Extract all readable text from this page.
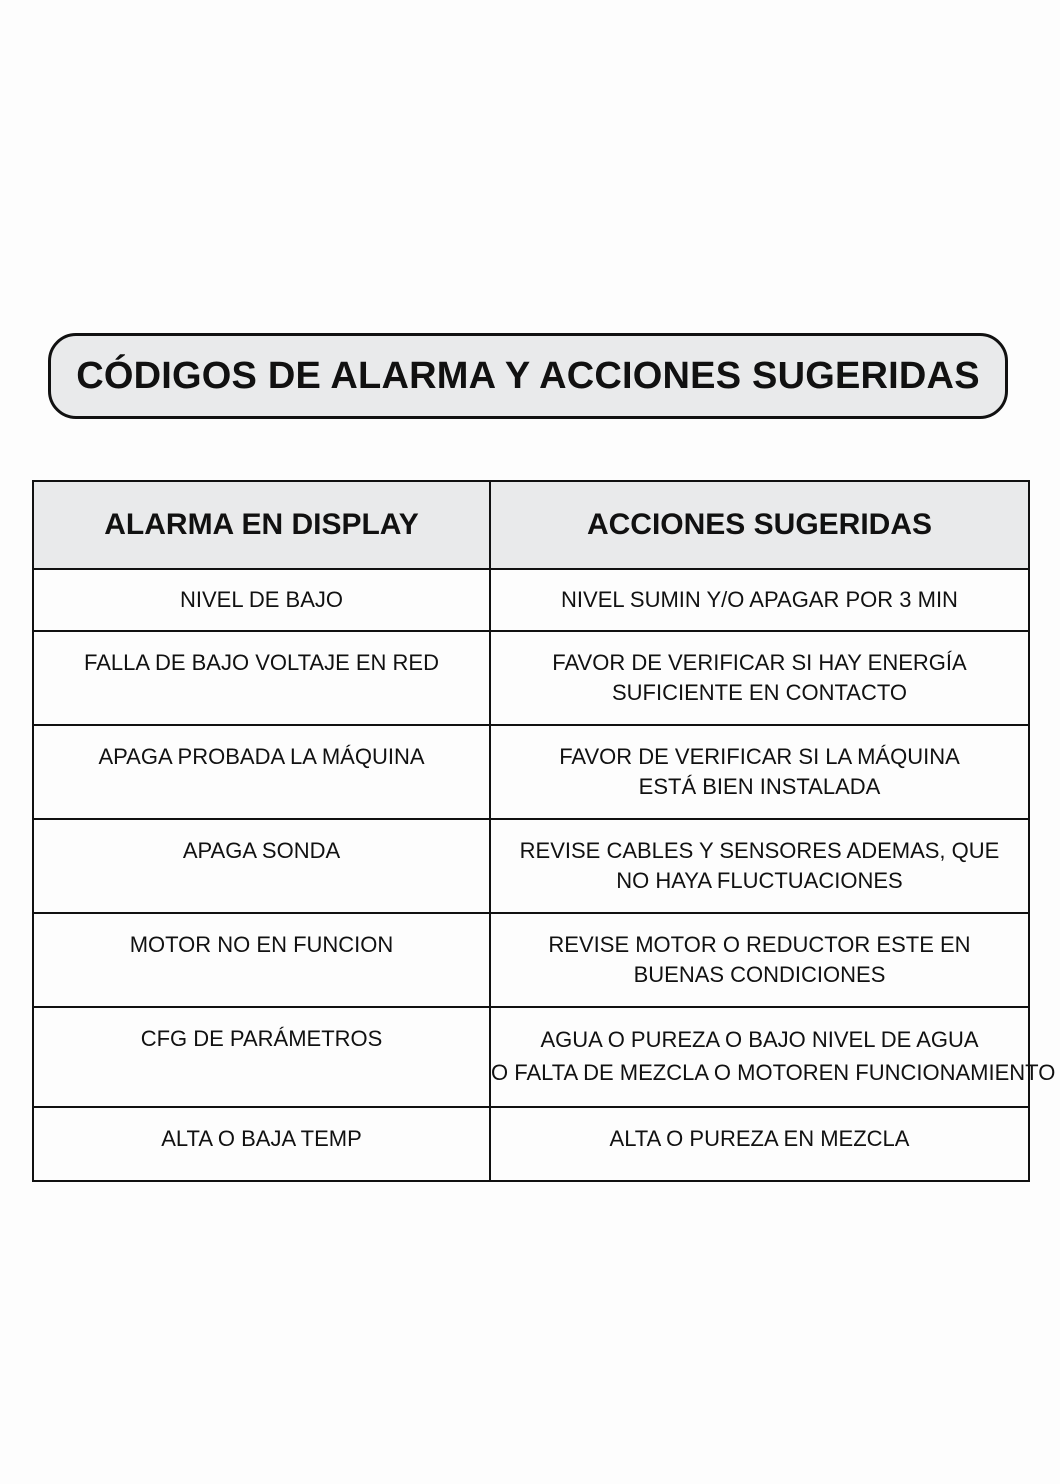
CÓDIGOS DE ALARMA Y ACCIONES SUGERIDAS
ALARMA EN DISPLAY	ACCIONES SUGERIDAS
NIVEL DE BAJO	NIVEL SUMIN Y/O APAGAR POR 3 MIN

FALLA DE BAJO VOLTAJE EN RED	FAVOR DE VERIFICAR SI HAY ENERGÍA
SUFICIENTE EN CONTACTO

APAGA PROBADA LA MÁQUINA	FAVOR DE VERIFICAR SI LA MÁQUINA
ESTÁ BIEN INSTALADA

APAGA SONDA	REVISE CABLES Y SENSORES ADEMAS, QUE
NO HAYA FLUCTUACIONES

MOTOR NO EN FUNCION	REVISE MOTOR O REDUCTOR ESTE EN
BUENAS CONDICIONES

CFG DE PARÁMETROS	AGUA O PUREZA O BAJO NIVEL DE AGUA
O FALTA DE MEZCLA O MOTOREN FUNCIONAMIENTO

ALTA O BAJA TEMP	ALTA O PUREZA EN MEZCLA
